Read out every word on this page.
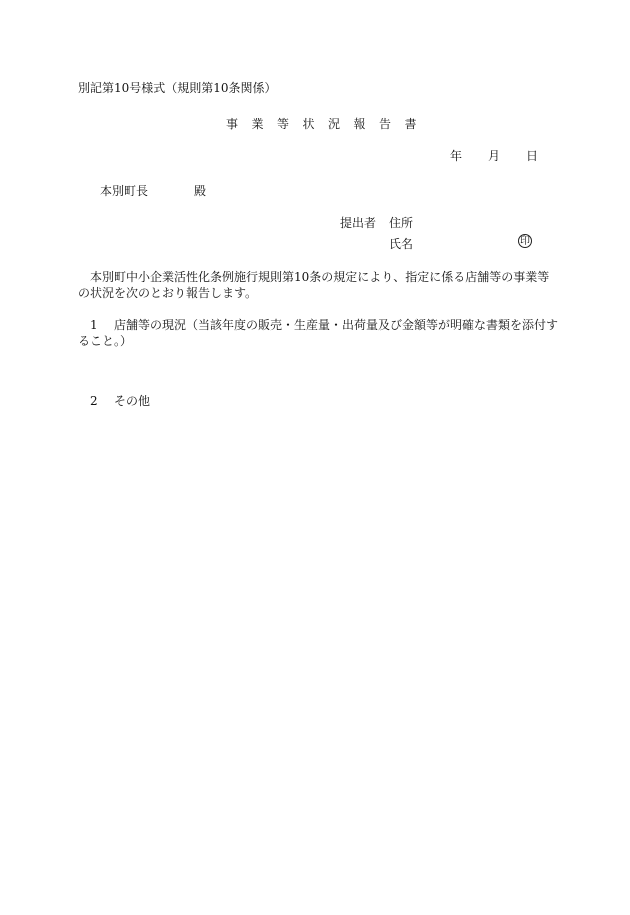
別記第10号様式（規則第10条関係）
事業等状況報告書
年 月 日
本別町長	殿
提出者 住所
氏名	印
本別町中小企業活性化条例施行規則第10条の規定により、指定に係る店舗等の事業等の状況を次のとおり報告します。
1 店舗等の現況（当該年度の販売・生産量・出荷量及び金額等が明確な書類を添付すること。）
2 その他
